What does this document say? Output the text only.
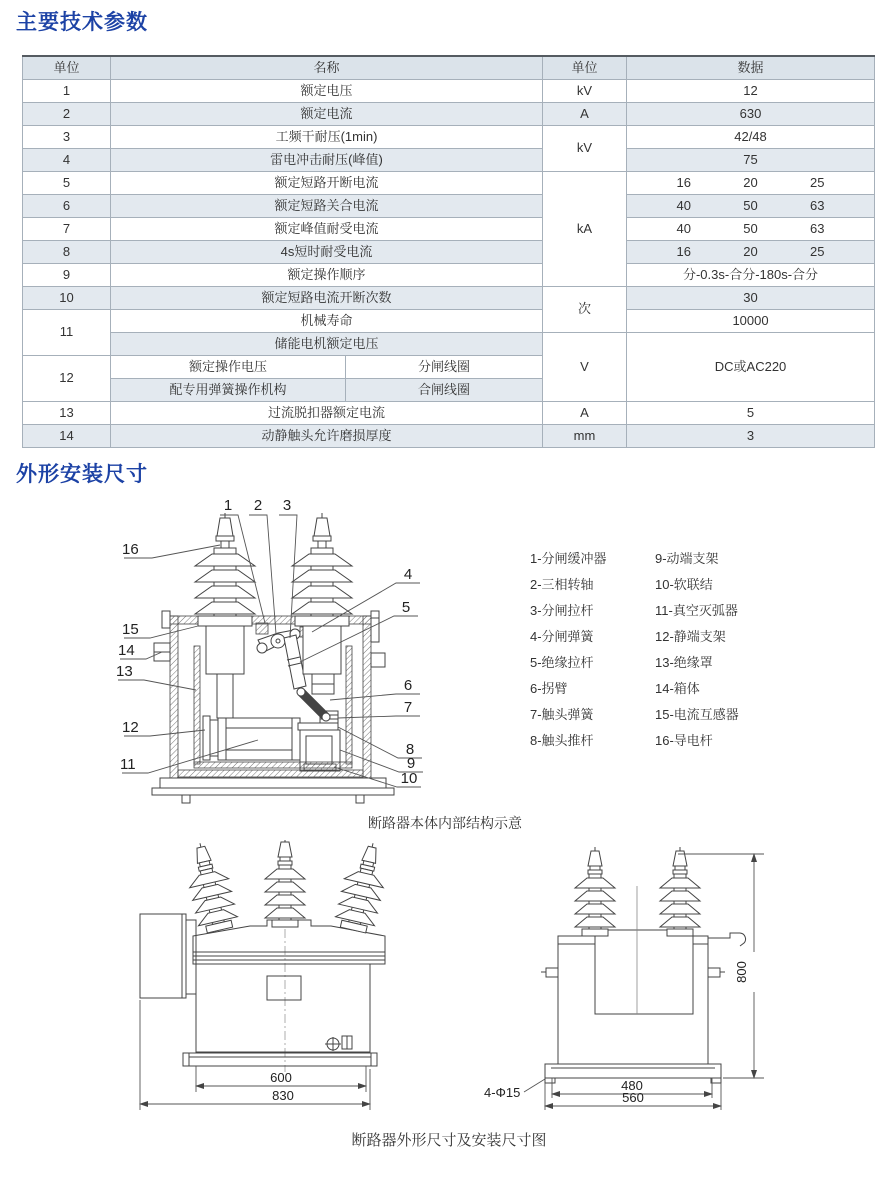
主要技术参数
单位	名称		单位	数据
1	额定电压		kV	12
2	额定电流		A	630
3	工频干耐压(1min)		kV	42/48
4	雷电冲击耐压(峰值)			75
5	额定短路开断电流		kA	16 20 25

6	额定短路关合电流			40 50 63

7	额定峰值耐受电流			40 50 63

8	4s短时耐受电流			16 20 25

9	额定操作顺序			分-0.3s-合分-180s-合分
10	额定短路电流开断次数		次	30
11	机械寿命			10000
	储能电机额定电压		V	DC或AC220
12	额定操作电压	分闸线圈		
	配专用弹簧操作机构	合闸线圈		
13	过流脱扣器额定电流		A	5
14	动静触头允许磨损厚度		mm	3
外形安装尺寸
1 2 3
4
5
6
7
8
9
10
16
15
14
13
12
11
1-分闸缓冲器
2-三相转轴
3-分闸拉杆
4-分闸弹簧
5-绝缘拉杆
6-拐臂
7-触头弹簧
8-触头推杆
9-动端支架
10-软联结
11-真空灭弧器
12-静端支架
13-绝缘罩
14-箱体
15-电流互感器
16-导电杆
断路器本体内部结构示意
600
830
800
480
560
4-Φ15
断路器外形尺寸及安装尺寸图
